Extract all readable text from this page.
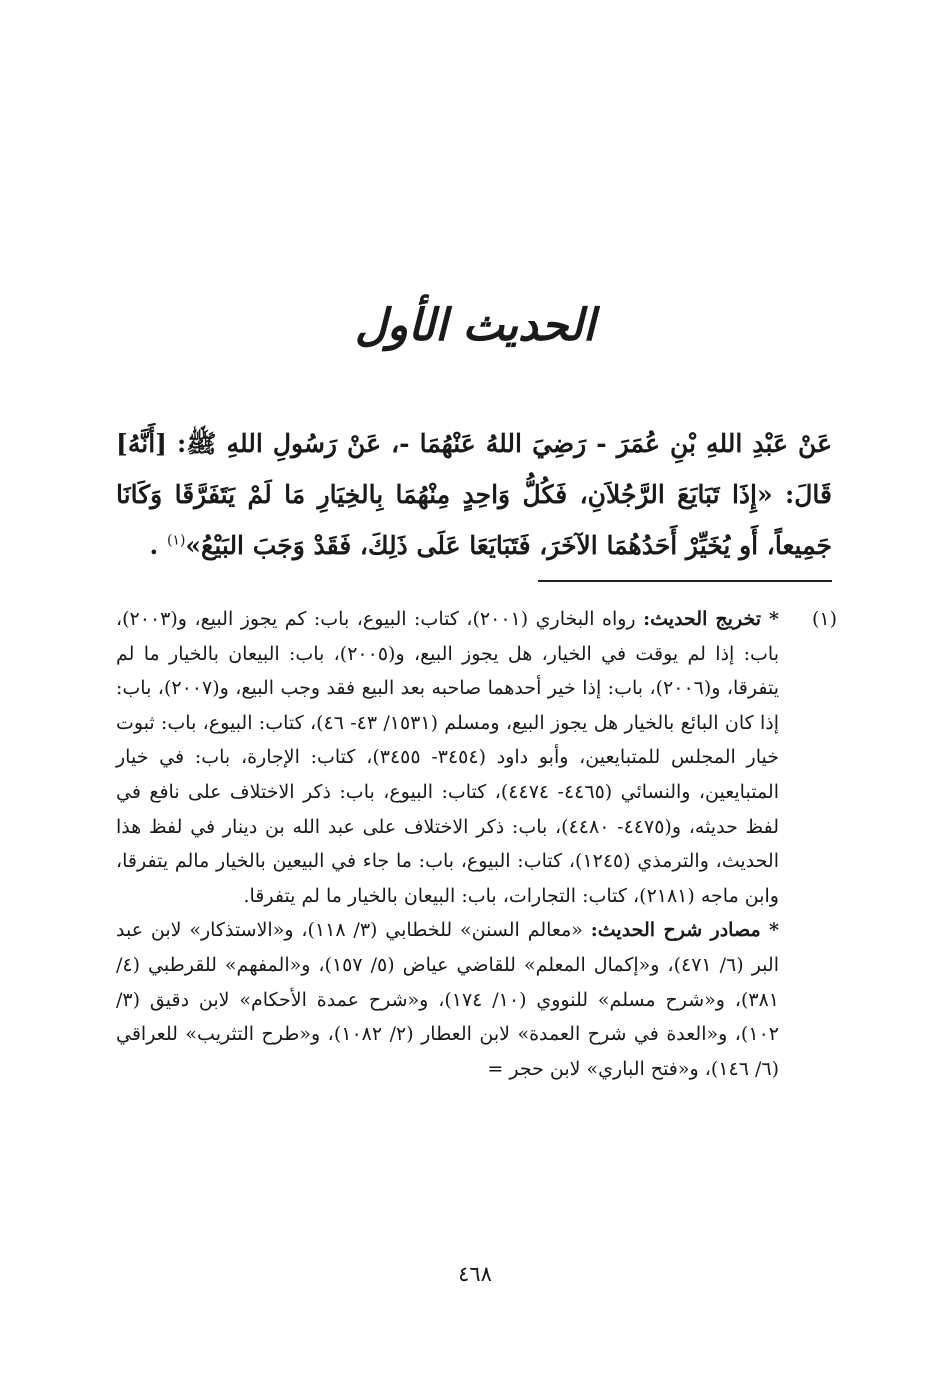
الحديث الأول
عَنْ عَبْدِ اللهِ بْنِ عُمَرَ - رَضِيَ اللهُ عَنْهُمَا -، عَنْ رَسُولِ اللهِ ﷺ: [أَنَّهُ] قَالَ: «إِذَا تَبَايَعَ الرَّجُلاَنِ، فَكُلُّ وَاحِدٍ مِنْهُمَا بِالخِيَارِ مَا لَمْ يَتَفَرَّقَا وَكَانَا جَمِيعاً، أَو يُخَيِّرْ أَحَدُهُمَا الآخَرَ، فَتَبَايَعَا عَلَى ذَلِكَ، فَقَدْ وَجَبَ البَيْعُ»$^{(١)}$ .
(١)

* تخريج الحديث: رواه البخاري (٢٠٠١)، كتاب: البيوع، باب: كم يجوز البيع، و(٢٠٠٣)، باب: إذا لم يوقت في الخيار، هل يجوز البيع، و(٢٠٠٥)، باب: البيعان بالخيار ما لم يتفرقا، و(٢٠٠٦)، باب: إذا خير أحدهما صاحبه بعد البيع فقد وجب البيع، و(٢٠٠٧)، باب: إذا كان البائع بالخيار هل يجوز البيع، ومسلم (١٥٣١/ ٤٣- ٤٦)، كتاب: البيوع، باب: ثبوت خيار المجلس للمتبايعين، وأبو داود (٣٤٥٤- ٣٤٥٥)، كتاب: الإجارة، باب: في خيار المتبايعين، والنسائي (٤٤٦٥- ٤٤٧٤)، كتاب: البيوع، باب: ذكر الاختلاف على نافع في لفظ حديثه، و(٤٤٧٥- ٤٤٨٠)، باب: ذكر الاختلاف على عبد الله بن دينار في لفظ هذا الحديث، والترمذي (١٢٤٥)، كتاب: البيوع، باب: ما جاء في البيعين بالخيار مالم يتفرقا، وابن ماجه (٢١٨١)، كتاب: التجارات، باب: البيعان بالخيار ما لم يتفرقا.

* مصادر شرح الحديث: «معالم السنن» للخطابي (٣/ ١١٨)، و«الاستذكار» لابن عبد البر (٦/ ٤٧١)، و«إكمال المعلم» للقاضي عياض (٥/ ١٥٧)، و«المفهم» للقرطبي (٤/ ٣٨١)، و«شرح مسلم» للنووي (١٠/ ١٧٤)، و«شرح عمدة الأحكام» لابن دقيق (٣/ ١٠٢)، و«العدة في شرح العمدة» لابن العطار (٢/ ١٠٨٢)، و«طرح التثريب» للعراقي (٦/ ١٤٦)، و«فتح الباري» لابن حجر =

٤٦٨
